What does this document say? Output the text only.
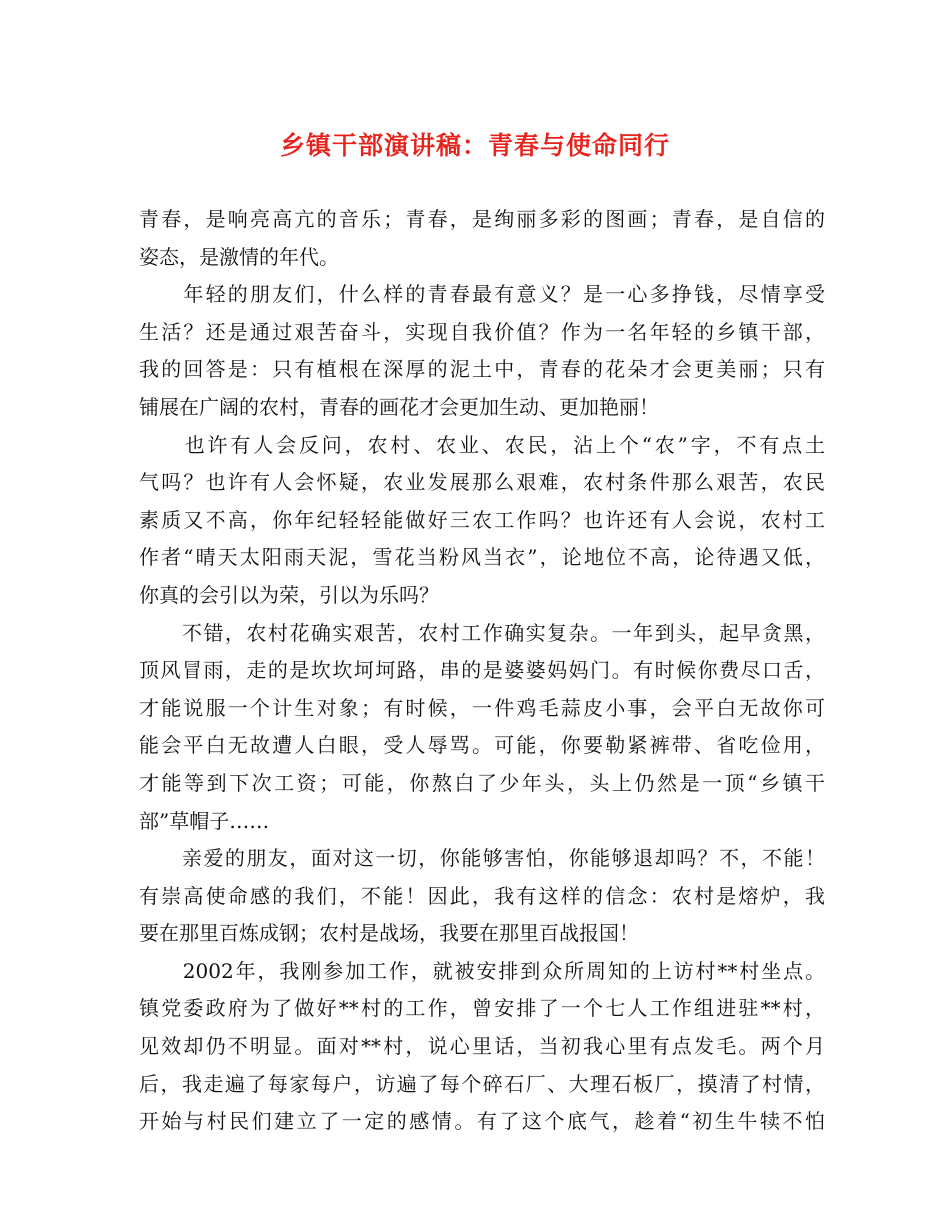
乡镇干部演讲稿：青春与使命同行
青春，是响亮高亢的音乐；青春，是绚丽多彩的图画；青春，是自信的
姿态，是激情的年代。
　　年轻的朋友们，什么样的青春最有意义？是一心多挣钱，尽情享受
生活？还是通过艰苦奋斗，实现自我价值？作为一名年轻的乡镇干部，
我的回答是：只有植根在深厚的泥土中，青春的花朵才会更美丽；只有
铺展在广阔的农村，青春的画花才会更加生动、更加艳丽！
　　也许有人会反问，农村、农业、农民，沾上个“农”字，不有点土
气吗？也许有人会怀疑，农业发展那么艰难，农村条件那么艰苦，农民
素质又不高，你年纪轻轻能做好三农工作吗？也许还有人会说，农村工
作者“晴天太阳雨天泥，雪花当粉风当衣”，论地位不高，论待遇又低，
你真的会引以为荣，引以为乐吗？
　　不错，农村花确实艰苦，农村工作确实复杂。一年到头，起早贪黑，
顶风冒雨，走的是坎坎坷坷路，串的是婆婆妈妈门。有时候你费尽口舌，
才能说服一个计生对象；有时候，一件鸡毛蒜皮小事，会平白无故你可
能会平白无故遭人白眼，受人辱骂。可能，你要勒紧裤带、省吃俭用，
才能等到下次工资；可能，你熬白了少年头，头上仍然是一顶“乡镇干
部”草帽子……
　　亲爱的朋友，面对这一切，你能够害怕，你能够退却吗？不，不能！
有崇高使命感的我们，不能！因此，我有这样的信念：农村是熔炉，我
要在那里百炼成钢；农村是战场，我要在那里百战报国！
　　2002年，我刚参加工作，就被安排到众所周知的上访村**村坐点。
镇党委政府为了做好**村的工作，曾安排了一个七人工作组进驻**村，
见效却仍不明显。面对**村，说心里话，当初我心里有点发毛。两个月
后，我走遍了每家每户，访遍了每个碎石厂、大理石板厂，摸清了村情，
开始与村民们建立了一定的感情。有了这个底气，趁着“初生牛犊不怕
